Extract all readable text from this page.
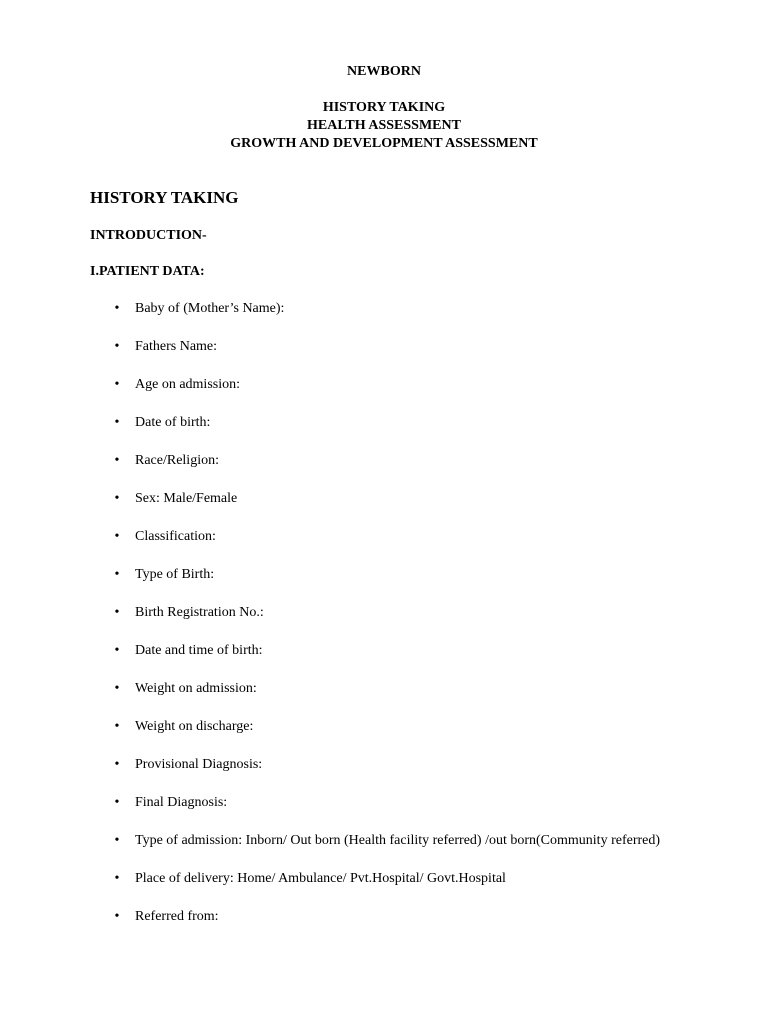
NEWBORN
HISTORY TAKING
HEALTH ASSESSMENT
GROWTH AND DEVELOPMENT ASSESSMENT
HISTORY TAKING
INTRODUCTION-
I.PATIENT DATA:
• Baby of (Mother’s Name):
• Fathers Name:
• Age on admission:
• Date of birth:
• Race/Religion:
• Sex: Male/Female
• Classification:
• Type of Birth:
• Birth Registration No.:
• Date and time of birth:
• Weight on admission:
• Weight on discharge:
• Provisional Diagnosis:
• Final Diagnosis:
• Type of admission: Inborn/ Out born (Health facility referred) /out born(Community referred)
• Place of delivery: Home/ Ambulance/ Pvt.Hospital/ Govt.Hospital
• Referred from:
